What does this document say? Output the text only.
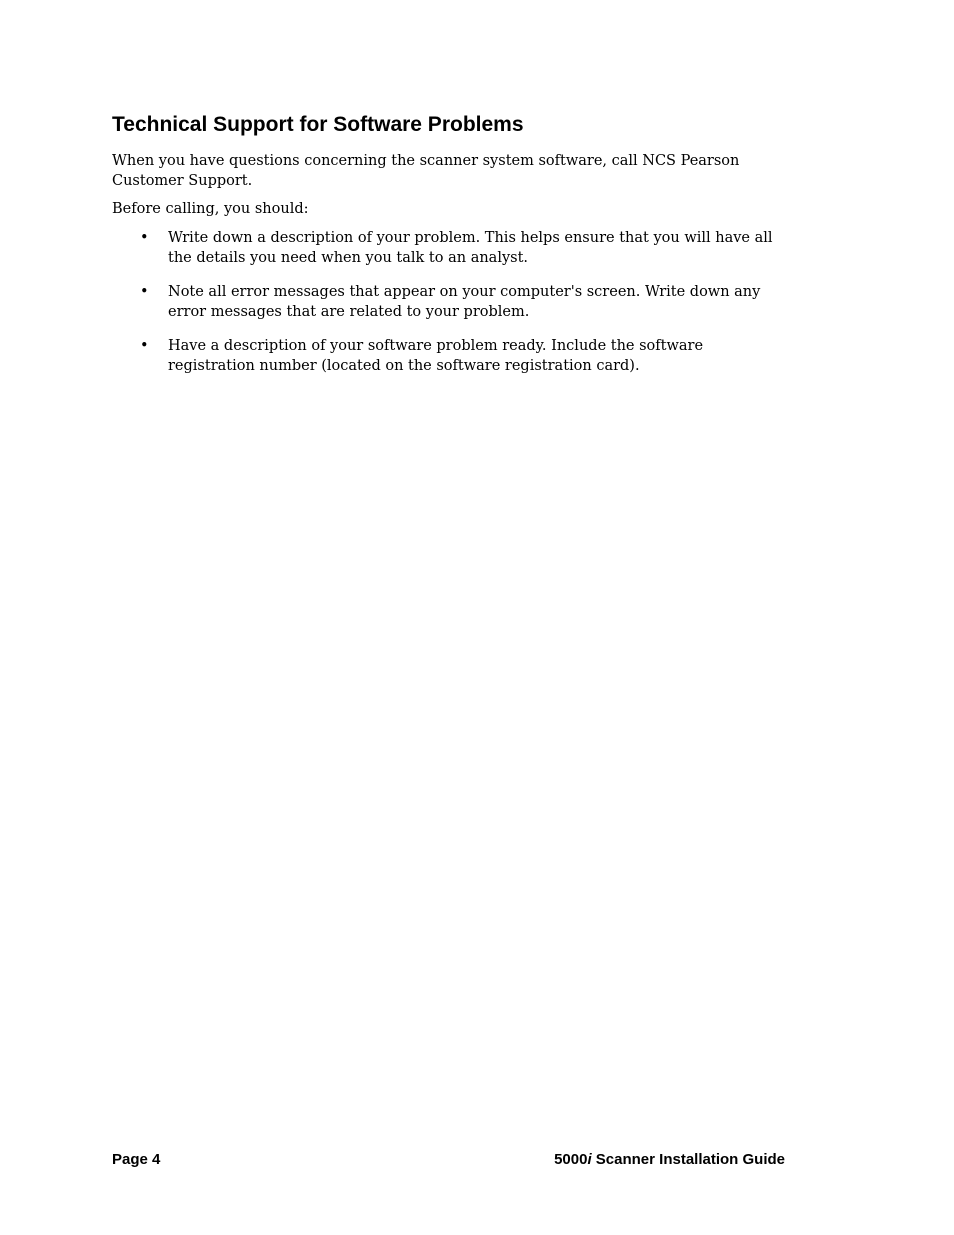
Technical Support for Software Problems

When you have questions concerning the scanner system software, call NCS Pearson Customer Support.

Before calling, you should:

• Write down a description of your problem. This helps ensure that you will have all the details you need when you talk to an analyst.
• Note all error messages that appear on your computer's screen. Write down any error messages that are related to your problem.
• Have a description of your software problem ready. Include the software registration number (located on the software registration card).
Page 4	5000i Scanner Installation Guide
